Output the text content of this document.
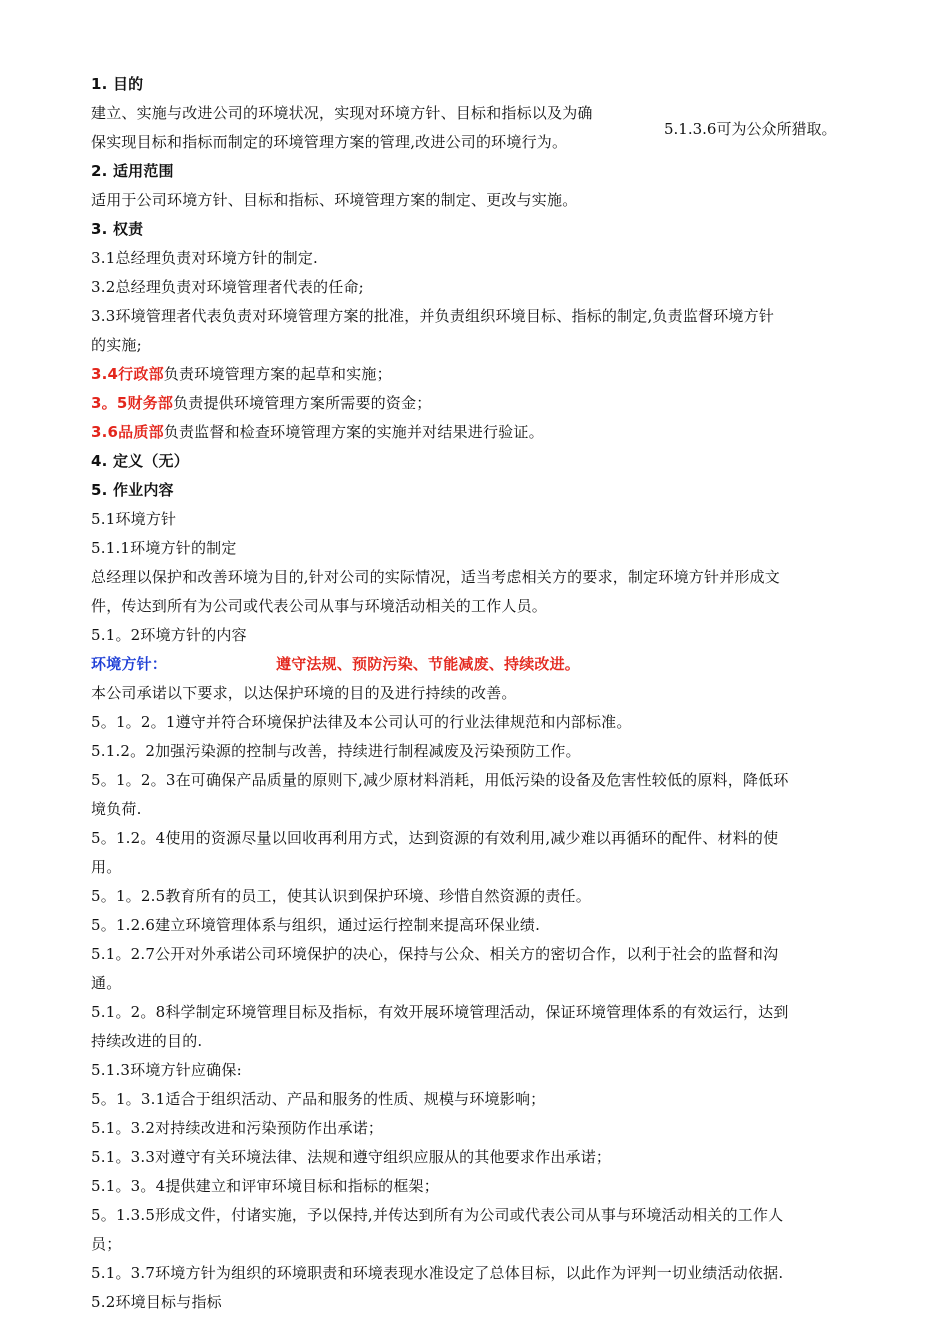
5.1.3.6可为公众所猎取。
1. 目的
建立、实施与改进公司的环境状况，实现对环境方针、目标和指标以及为确
保实现目标和指标而制定的环境管理方案的管理,改进公司的环境行为。
2. 适用范围
适用于公司环境方针、目标和指标、环境管理方案的制定、更改与实施。
3. 权责
3.1总经理负责对环境方针的制定.
3.2总经理负责对环境管理者代表的任命;
3.3环境管理者代表负责对环境管理方案的批准，并负责组织环境目标、指标的制定,负责监督环境方针
的实施;
3.4行政部负责环境管理方案的起草和实施；
3。5财务部负责提供环境管理方案所需要的资金；
3.6品质部负责监督和检查环境管理方案的实施并对结果进行验证。
4. 定义（无）
5. 作业内容
5.1环境方针
5.1.1环境方针的制定
总经理以保护和改善环境为目的,针对公司的实际情况，适当考虑相关方的要求，制定环境方针并形成文
件，传达到所有为公司或代表公司从事与环境活动相关的工作人员。
5.1。2环境方针的内容
环境方针：	遵守法规、预防污染、节能减废、持续改进。
本公司承诺以下要求，以达保护环境的目的及进行持续的改善。
5。1。2。1遵守并符合环境保护法律及本公司认可的行业法律规范和内部标准。
5.1.2。2加强污染源的控制与改善，持续进行制程减废及污染预防工作。
5。1。2。3在可确保产品质量的原则下,减少原材料消耗，用低污染的设备及危害性较低的原料，降低环
境负荷.
5。1.2。4使用的资源尽量以回收再利用方式，达到资源的有效利用,减少难以再循环的配件、材料的使
用。
5。1。2.5教育所有的员工，使其认识到保护环境、珍惜自然资源的责任。
5。1.2.6建立环境管理体系与组织，通过运行控制来提高环保业绩.
5.1。2.7公开对外承诺公司环境保护的决心，保持与公众、相关方的密切合作，以利于社会的监督和沟
通。
5.1。2。8科学制定环境管理目标及指标，有效开展环境管理活动，保证环境管理体系的有效运行，达到
持续改进的目的.
5.1.3环境方针应确保:
5。1。3.1适合于组织活动、产品和服务的性质、规模与环境影响；
5.1。3.2对持续改进和污染预防作出承诺；
5.1。3.3对遵守有关环境法律、法规和遵守组织应服从的其他要求作出承诺；
5.1。3。4提供建立和评审环境目标和指标的框架；
5。1.3.5形成文件，付诸实施，予以保持,并传达到所有为公司或代表公司从事与环境活动相关的工作人
员；
5.1。3.7环境方针为组织的环境职责和环境表现水准设定了总体目标，以此作为评判一切业绩活动依据.
5.2环境目标与指标
